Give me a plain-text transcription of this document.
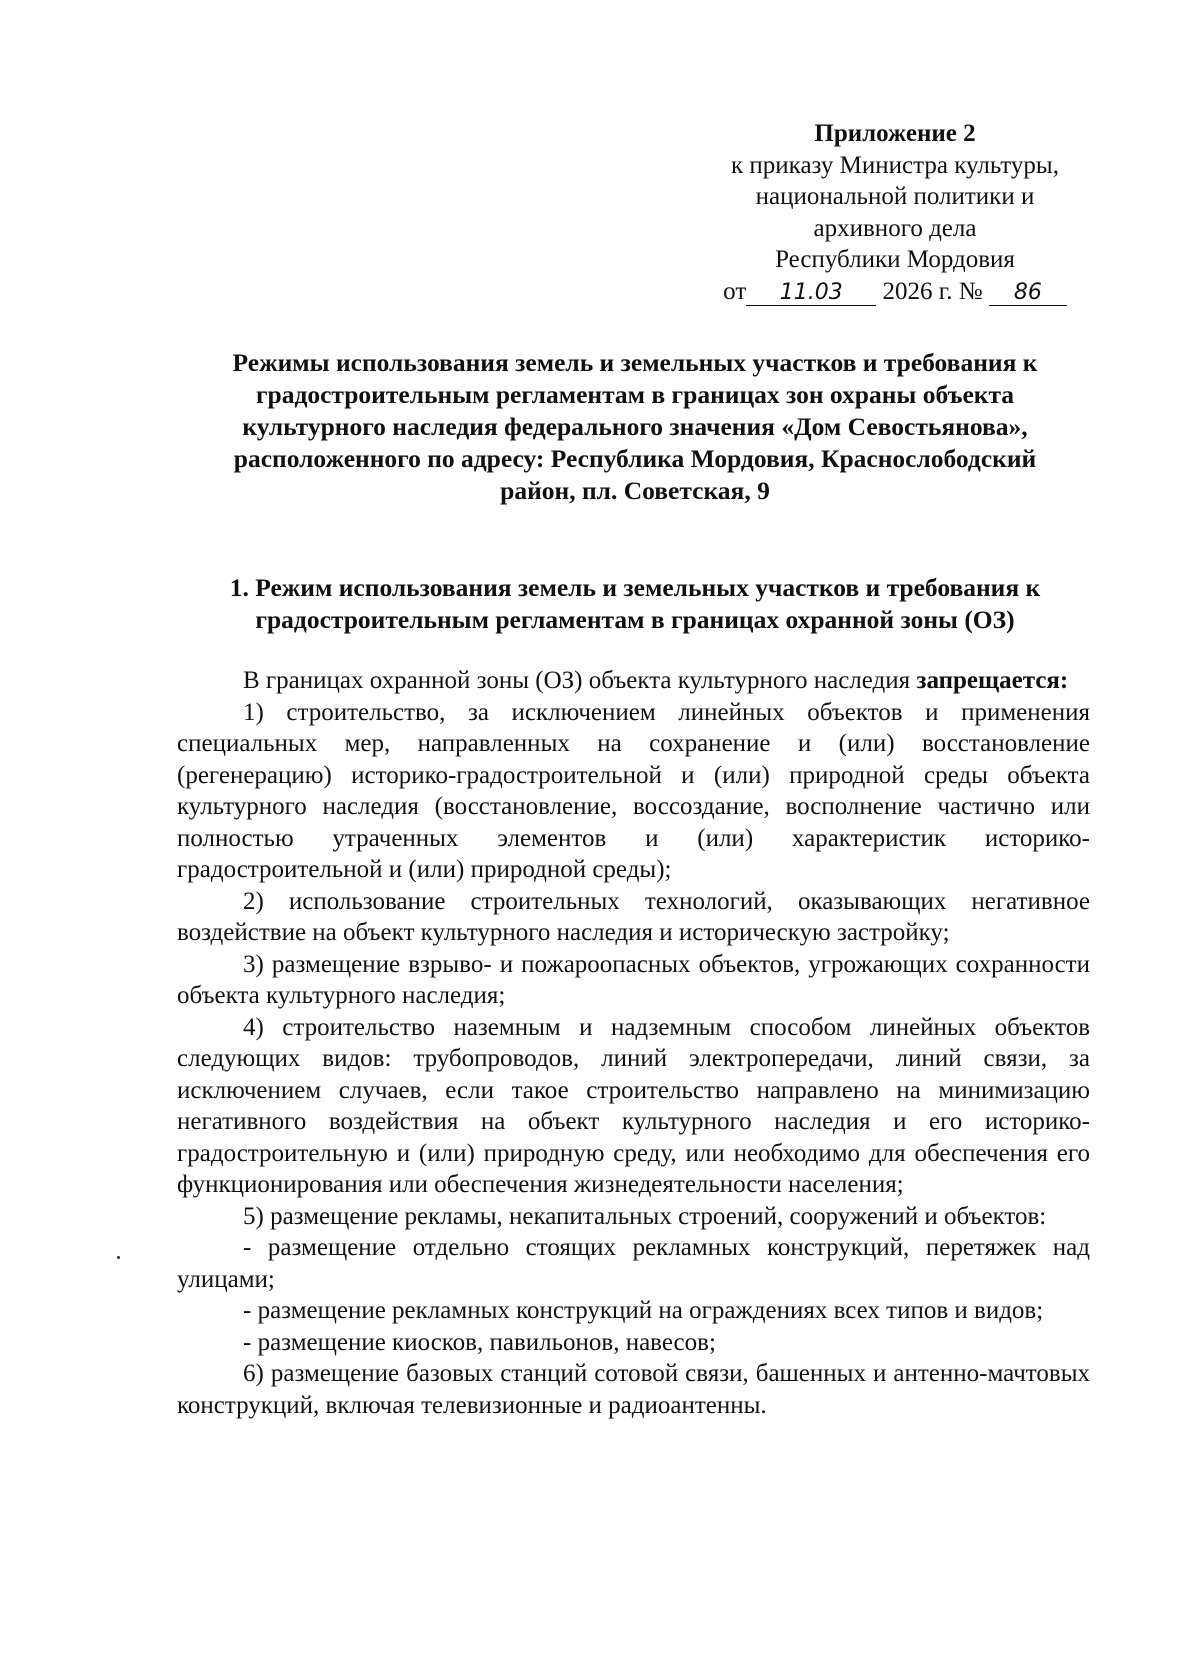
Приложение 2
к приказу Министра культуры,
национальной политики и
архивного дела
Республики Мордовия
от 11.03 2026 г. № 86
Режимы использования земель и земельных участков и требования к
градостроительным регламентам в границах зон охраны объекта
культурного наследия федерального значения «Дом Севостьянова»,
расположенного по адресу: Республика Мордовия, Краснослободский
район, пл. Советская, 9
1. Режим использования земель и земельных участков и требования к
градостроительным регламентам в границах охранной зоны (ОЗ)

В границах охранной зоны (ОЗ) объекта культурного наследия запрещается:

1) строительство, за исключением линейных объектов и применения специальных мер, направленных на сохранение и (или) восстановление (регенерацию) историко-градостроительной и (или) природной среды объекта культурного наследия (восстановление, воссоздание, восполнение частично или полностью утраченных элементов и (или) характеристик историко-градостроительной и (или) природной среды);

2) использование строительных технологий, оказывающих негативное воздействие на объект культурного наследия и историческую застройку;

3) размещение взрыво- и пожароопасных объектов, угрожающих сохранности объекта культурного наследия;

4) строительство наземным и надземным способом линейных объектов следующих видов: трубопроводов, линий электропередачи, линий связи, за исключением случаев, если такое строительство направлено на минимизацию негативного воздействия на объект культурного наследия и его историко-градостроительную и (или) природную среду, или необходимо для обеспечения его функционирования или обеспечения жизнедеятельности населения;

5) размещение рекламы, некапитальных строений, сооружений и объектов:

- размещение отдельно стоящих рекламных конструкций, перетяжек над улицами;

- размещение рекламных конструкций на ограждениях всех типов и видов;

- размещение киосков, павильонов, навесов;

6) размещение базовых станций сотовой связи, башенных и антенно-мачтовых конструкций, включая телевизионные и радиоантенны.
